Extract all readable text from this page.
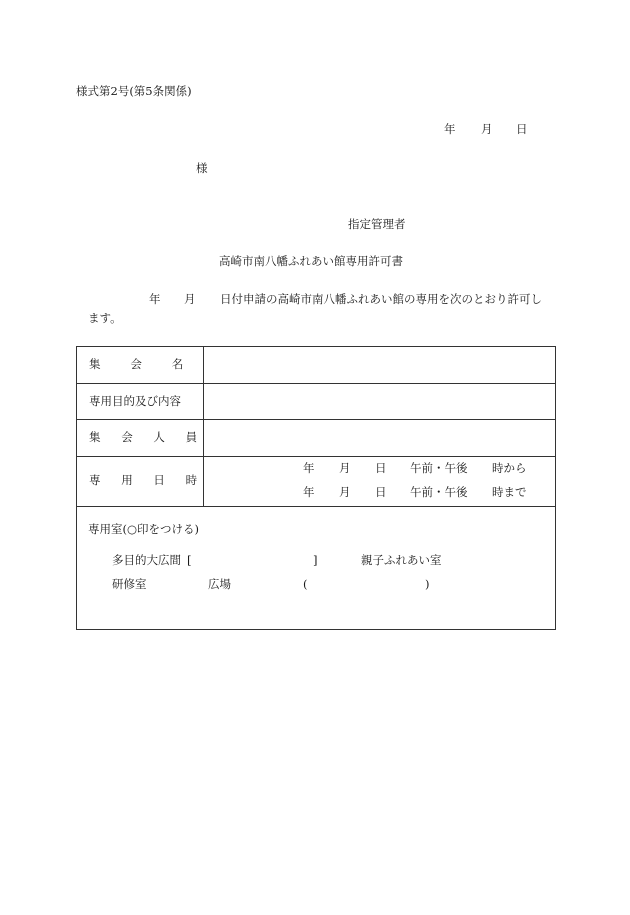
様式第2号(第5条関係)
年 月 日
様
指定管理者
高崎市南八幡ふれあい館専用許可書
年 月 日付申請の高崎市南八幡ふれあい館の専用を次のとおり許可し
ます。
集会名
専用目的及び内容
集会人員
専用日時
年 月 日 午前・午後 時から
年 月 日 午前・午後 時まで
専用室(○印をつける)
多目的大広間 [	]	親子ふれあい室
研修室	広場	(	)
